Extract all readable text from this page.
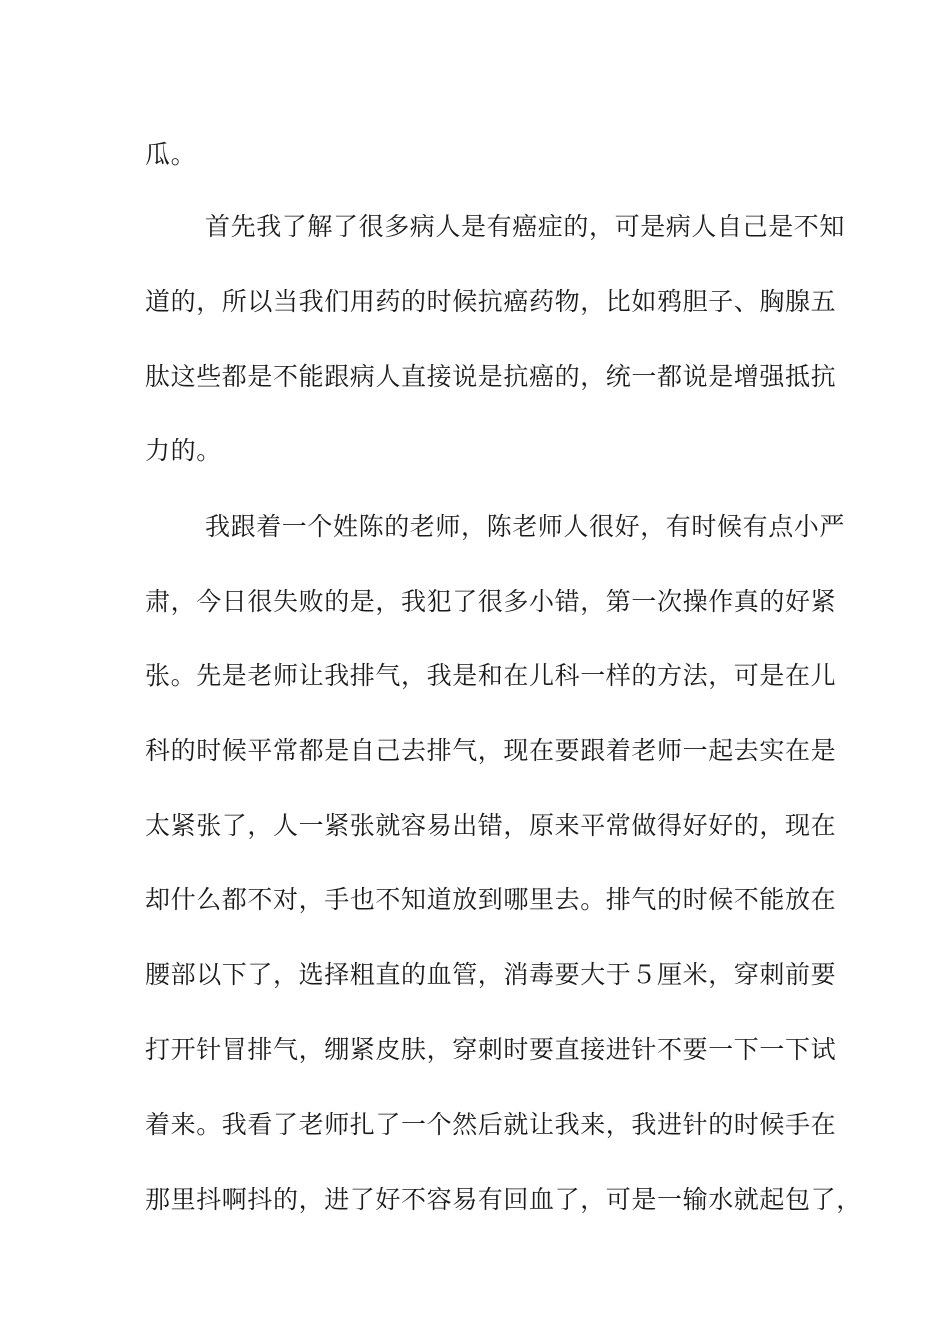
瓜。
首先我了解了很多病人是有癌症的，可是病人自己是不知
道的，所以当我们用药的时候抗癌药物，比如鸦胆子、胸腺五
肽这些都是不能跟病人直接说是抗癌的，统一都说是增强抵抗
力的。
我跟着一个姓陈的老师，陈老师人很好，有时候有点小严
肃，今日很失败的是，我犯了很多小错，第一次操作真的好紧
张。先是老师让我排气，我是和在儿科一样的方法，可是在儿
科的时候平常都是自己去排气，现在要跟着老师一起去实在是
太紧张了，人一紧张就容易出错，原来平常做得好好的，现在
却什么都不对，手也不知道放到哪里去。排气的时候不能放在
腰部以下了，选择粗直的血管，消毒要大于５厘米，穿刺前要
打开针冒排气，绷紧皮肤，穿刺时要直接进针不要一下一下试
着来。我看了老师扎了一个然后就让我来，我进针的时候手在
那里抖啊抖的，进了好不容易有回血了，可是一输水就起包了，
